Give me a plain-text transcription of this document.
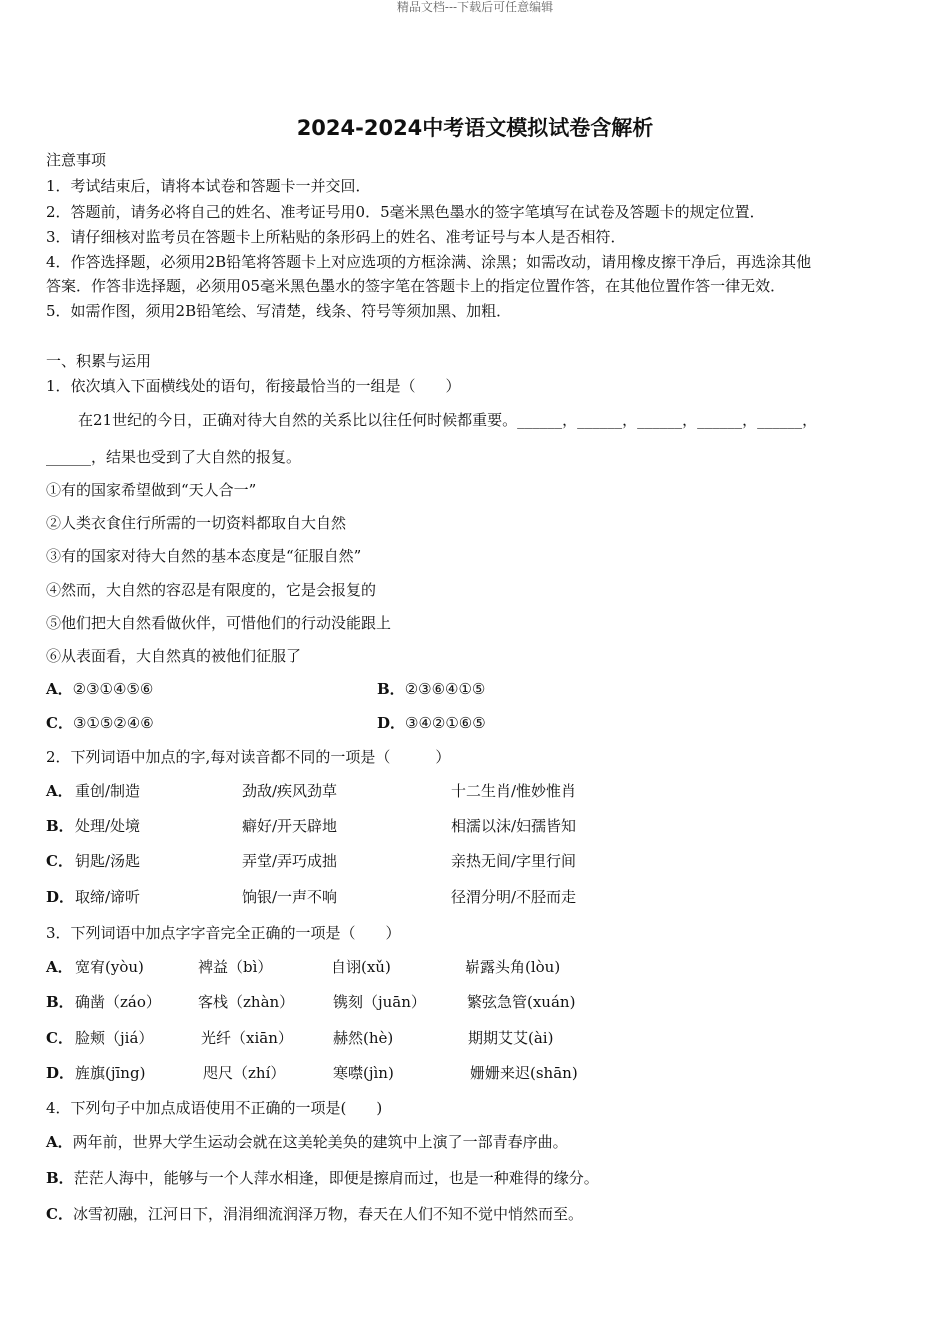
精品文档---下载后可任意编辑
2024-2024中考语文模拟试卷含解析
注意事项
1．考试结束后，请将本试卷和答题卡一并交回．
2．答题前，请务必将自己的姓名、准考证号用0．5毫米黑色墨水的签字笔填写在试卷及答题卡的规定位置．
3．请仔细核对监考员在答题卡上所粘贴的条形码上的姓名、准考证号与本人是否相符．
4．作答选择题，必须用2B铅笔将答题卡上对应选项的方框涂满、涂黑；如需改动，请用橡皮擦干净后，再选涂其他
答案．作答非选择题，必须用05毫米黑色墨水的签字笔在答题卡上的指定位置作答，在其他位置作答一律无效．
5．如需作图，须用2B铅笔绘、写清楚，线条、符号等须加黑、加粗．
一、积累与运用
1．依次填入下面横线处的语句，衔接最恰当的一组是（　　）
在21世纪的今日，正确对待大自然的关系比以往任何时候都重要。______，______，______，______，______，
______，结果也受到了大自然的报复。
①有的国家希望做到“天人合一”
②人类衣食住行所需的一切资料都取自大自然
③有的国家对待大自然的基本态度是“征服自然”
④然而，大自然的容忍是有限度的，它是会报复的
⑤他们把大自然看做伙伴，可惜他们的行动没能跟上
⑥从表面看，大自然真的被他们征服了
A．②③①④⑤⑥	B．②③⑥④①⑤
C．③①⑤②④⑥	D．③④②①⑥⑤
2．下列词语中加点的字,每对读音都不同的一项是（　　　）
A． 重创/制造	劲敌/疾风劲草	十二生肖/惟妙惟肖
B． 处理/处境	癖好/开天辟地	相濡以沫/妇孺皆知
C． 钥匙/汤匙	弄堂/弄巧成拙	亲热无间/字里行间
D． 取缔/谛听	饷银/一声不响	径渭分明/不胫而走
3．下列词语中加点字字音完全正确的一项是（　　）
A． 宽宥(yòu)	裨益（bì）	自诩(xǔ)	崭露头角(lòu)
B． 确凿（záo） 客栈（zhàn）	镌刻（juān）	繁弦急管(xuán)
C． 脸颊（jiá）	光纤（xiān）	赫然(hè)	期期艾艾(ài)
D． 旌旗(jīng)	咫尺（zhí）	寒噤(jìn)	姗姗来迟(shān)
4．下列句子中加点成语使用不正确的一项是(　　)
A．两年前，世界大学生运动会就在这美轮美奂的建筑中上演了一部青春序曲。
B．茫茫人海中，能够与一个人萍水相逢，即便是擦肩而过，也是一种难得的缘分。
C．冰雪初融，江河日下，涓涓细流润泽万物，春天在人们不知不觉中悄然而至。
